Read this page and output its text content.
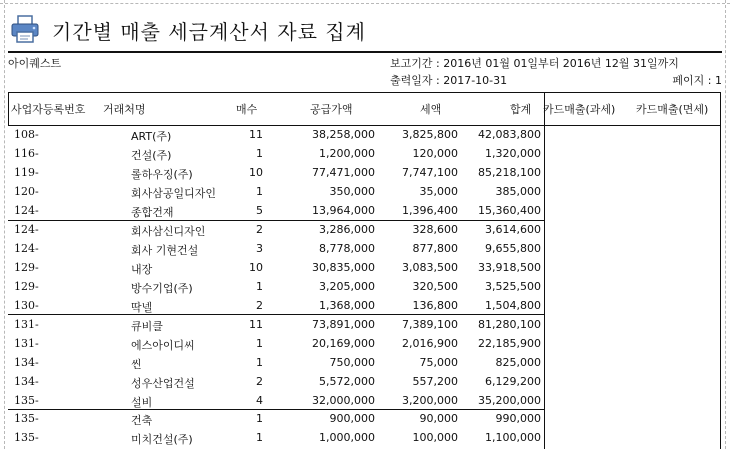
기간별 매출 세금계산서 자료 집계
아이퀘스트	보고기간 : 2016년 01월 01일부터 2016년 12월 31일까지
출력일자 : 2017-10-31	페이지 : 1
사업자등록번호 거래처명	매수	공급가액	세액	합계 카드매출(과세) 카드매출(면세)
108-	ART(주)	11	38,258,000 3,825,800 42,083,800
116-	건설(주)	1	1,200,000	120,000 1,320,000
119-	롤하우징(주)	10	77,471,000 7,747,100 85,218,100
120-	회사삼공일디자인	1	350,000	35,000	385,000
124-	종합건재	5	13,964,000 1,396,400 15,360,400
124-	회사삼신디자인	2	3,286,000	328,600 3,614,600
124-	회사 기현건설	3	8,778,000	877,800 9,655,800
129-	내장	10	30,835,000 3,083,500 33,918,500
129-	방수기업(주)	1	3,205,000	320,500 3,525,500
130-	딱넬	2	1,368,000	136,800 1,504,800
131-	큐비클	11	73,891,000 7,389,100 81,280,100
131-	에스아이디씨	1	20,169,000 2,016,900 22,185,900
134-	씬	1	750,000	75,000	825,000
134-	성우산업건설	2	5,572,000	557,200 6,129,200
135-	설비	4	32,000,000 3,200,000 35,200,000
135-	건축	1	900,000	90,000	990,000
135-	미치건설(주)	1	1,000,000	100,000 1,100,000
